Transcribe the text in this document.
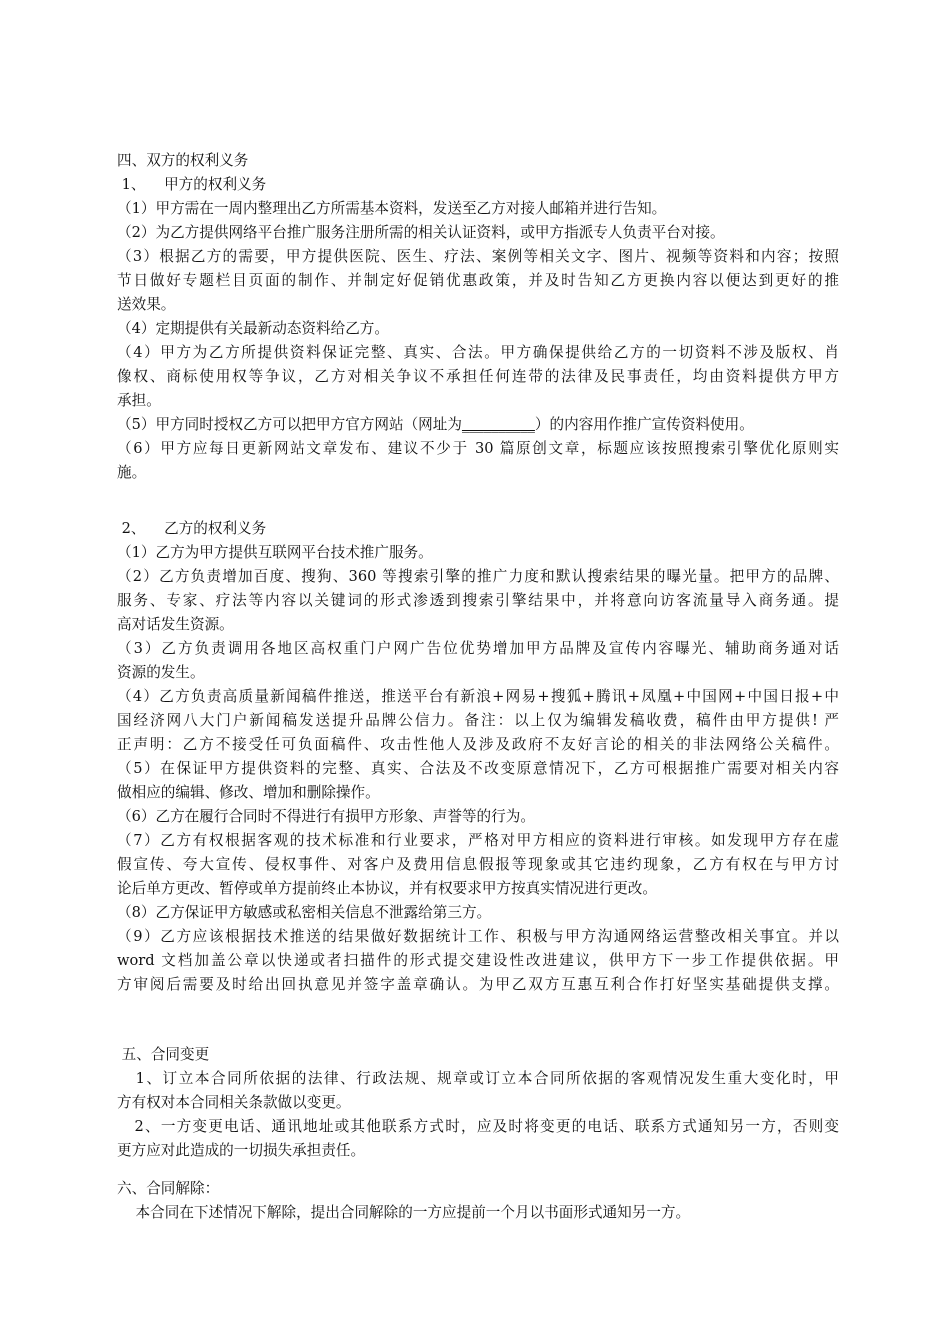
四、双方的权利义务
1、    甲方的权利义务
（1）甲方需在一周内整理出乙方所需基本资料，发送至乙方对接人邮箱并进行告知。
（2）为乙方提供网络平台推广服务注册所需的相关认证资料，或甲方指派专人负责平台对接。
（3）根据乙方的需要，甲方提供医院、医生、疗法、案例等相关文字、图片、视频等资料和内容；按照
节日做好专题栏目页面的制作、并制定好促销优惠政策，并及时告知乙方更换内容以便达到更好的推
送效果。
（4）定期提供有关最新动态资料给乙方。
（4）甲方为乙方所提供资料保证完整、真实、合法。甲方确保提供给乙方的一切资料不涉及版权、肖
像权、商标使用权等争议，乙方对相关争议不承担任何连带的法律及民事责任，均由资料提供方甲方
承担。
（5）甲方同时授权乙方可以把甲方官方网站（网址为__________）的内容用作推广宣传资料使用。
（6）甲方应每日更新网站文章发布、建议不少于 30 篇原创文章，标题应该按照搜索引擎优化原则实
施。
2、    乙方的权利义务
（1）乙方为甲方提供互联网平台技术推广服务。
（2）乙方负责增加百度、搜狗、360 等搜索引擎的推广力度和默认搜索结果的曝光量。把甲方的品牌、
服务、专家、疗法等内容以关键词的形式渗透到搜索引擎结果中，并将意向访客流量导入商务通。提
高对话发生资源。
（3）乙方负责调用各地区高权重门户网广告位优势增加甲方品牌及宣传内容曝光、辅助商务通对话
资源的发生。
（4）乙方负责高质量新闻稿件推送，推送平台有新浪+网易+搜狐+腾讯+凤凰+中国网+中国日报+中
国经济网八大门户新闻稿发送提升品牌公信力。备注：以上仅为编辑发稿收费，稿件由甲方提供! 严
正声明：乙方不接受任可负面稿件、攻击性他人及涉及政府不友好言论的相关的非法网络公关稿件。
（5）在保证甲方提供资料的完整、真实、合法及不改变原意情况下，乙方可根据推广需要对相关内容
做相应的编辑、修改、增加和删除操作。
（6）乙方在履行合同时不得进行有损甲方形象、声誉等的行为。
（7）乙方有权根据客观的技术标准和行业要求，严格对甲方相应的资料进行审核。如发现甲方存在虚
假宣传、夸大宣传、侵权事件、对客户及费用信息假报等现象或其它违约现象，乙方有权在与甲方讨
论后单方更改、暂停或单方提前终止本协议，并有权要求甲方按真实情况进行更改。
（8）乙方保证甲方敏感或私密相关信息不泄露给第三方。
（9）乙方应该根据技术推送的结果做好数据统计工作、积极与甲方沟通网络运营整改相关事宜。并以
word 文档加盖公章以快递或者扫描件的形式提交建设性改进建议，供甲方下一步工作提供依据。甲
方审阅后需要及时给出回执意见并签字盖章确认。为甲乙双方互惠互利合作打好坚实基础提供支撑。
五、合同变更
1、订立本合同所依据的法律、行政法规、规章或订立本合同所依据的客观情况发生重大变化时，甲
方有权对本合同相关条款做以变更。
2、一方变更电话、通讯地址或其他联系方式时，应及时将变更的电话、联系方式通知另一方，否则变
更方应对此造成的一切损失承担责任。
六、合同解除：
本合同在下述情况下解除，提出合同解除的一方应提前一个月以书面形式通知另一方。
